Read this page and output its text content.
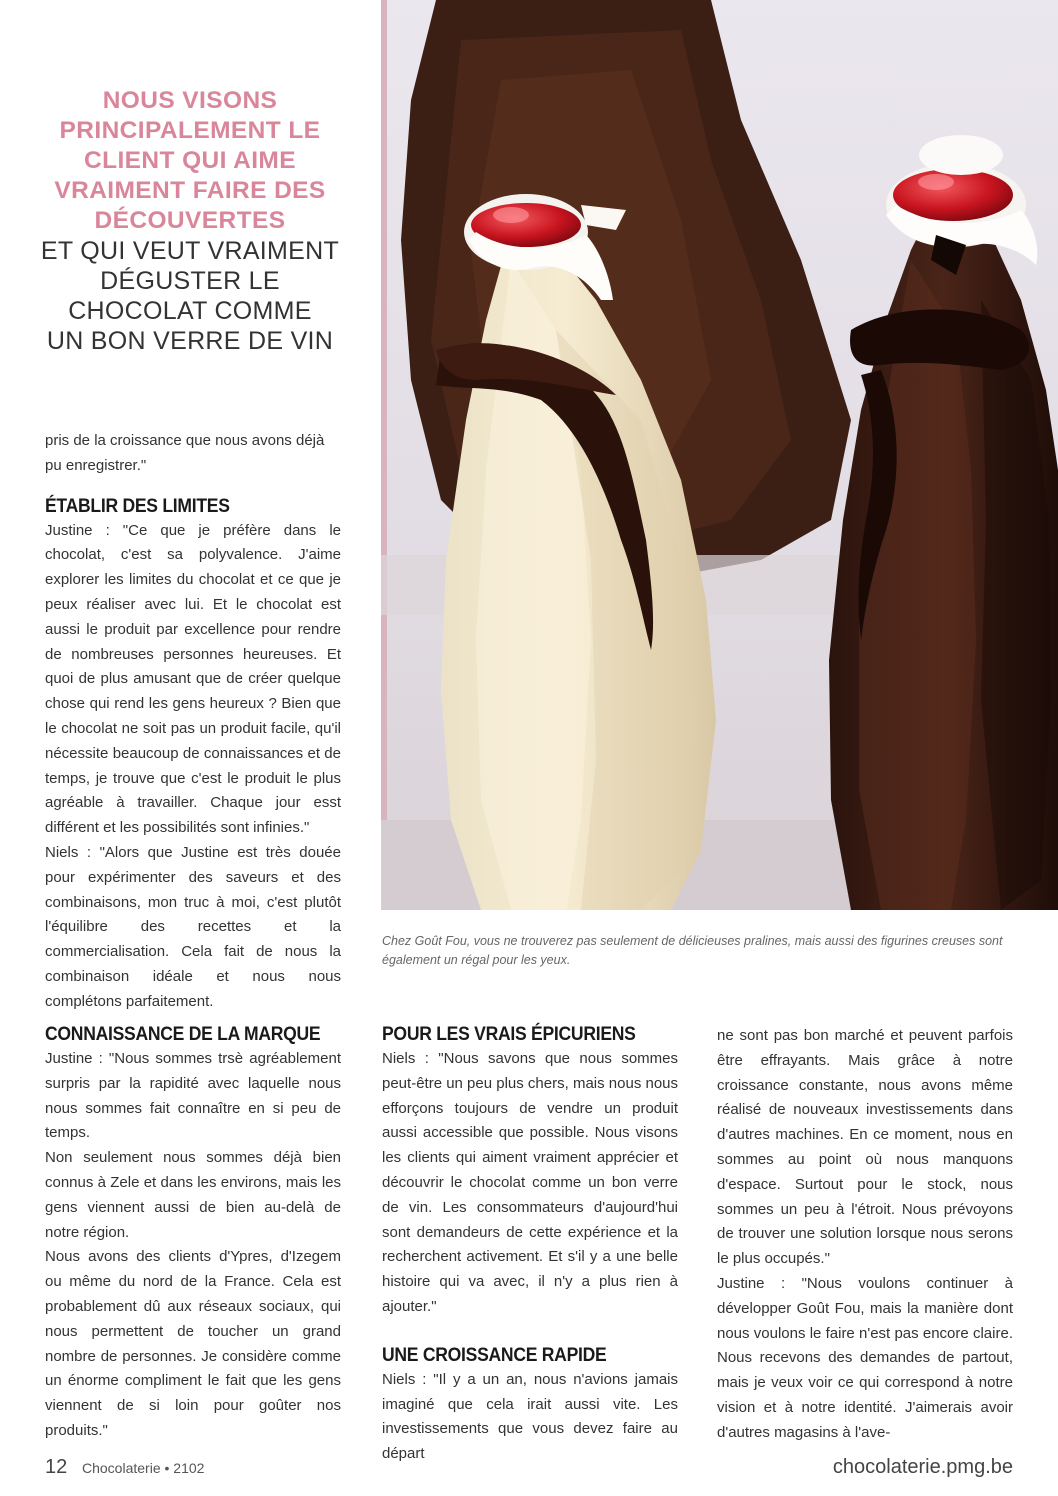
NOUS VISONS
PRINCIPALEMENT LE
CLIENT QUI AIME
VRAIMENT FAIRE DES
DÉCOUVERTES
ET QUI VEUT VRAIMENT
DÉGUSTER LE
CHOCOLAT COMME
UN BON VERRE DE VIN

pris de la croissance que nous avons déjà pu enregistrer."

ÉTABLIR DES LIMITES

Justine : "Ce que je préfère dans le chocolat, c'est sa polyvalence. J'aime explorer les limites du chocolat et ce que je peux réaliser avec lui. Et le chocolat est aussi le produit par excellence pour rendre de nombreuses personnes heureuses. Et quoi de plus amusant que de créer quelque chose qui rend les gens heureux ? Bien que le chocolat ne soit pas un produit facile, qu'il nécessite beaucoup de connaissances et de temps, je trouve que c'est le produit le plus agréable à travailler. Chaque jour esst différent et les possibilités sont infinies."

Niels : "Alors que Justine est très douée pour expérimenter des saveurs et des combinaisons, mon truc à moi, c'est plutôt l'équilibre des recettes et la commercialisation. Cela fait de nous la combinaison idéale et nous nous complétons parfaitement.

CONNAISSANCE DE LA MARQUE

Justine : "Nous sommes trsè agréablement surpris par la rapidité avec laquelle nous nous sommes fait connaître en si peu de temps.

Non seulement nous sommes déjà bien connus à Zele et dans les environs, mais les gens viennent aussi de bien au-delà de notre région.

Nous avons des clients d'Ypres, d'Izegem ou même du nord de la France. Cela est probablement dû aux réseaux sociaux, qui nous permettent de toucher un grand nombre de personnes. Je considère comme un énorme compliment le fait que les gens viennent de si loin pour goûter nos produits."

POUR LES VRAIS ÉPICURIENS

Niels : "Nous savons que nous sommes peut-être un peu plus chers, mais nous nous efforçons toujours de vendre un produit aussi accessible que possible. Nous visons les clients qui aiment vraiment apprécier et découvrir le chocolat comme un bon verre de vin. Les consommateurs d'aujourd'hui sont demandeurs de cette expérience et la recherchent activement. Et s'il y a une belle histoire qui va avec, il n'y a plus rien à ajouter."

UNE CROISSANCE RAPIDE

Niels : "Il y a un an, nous n'avions jamais imaginé que cela irait aussi vite. Les investissements que vous devez faire au départ

ne sont pas bon marché et peuvent parfois être effrayants. Mais grâce à notre croissance constante, nous avons même réalisé de nouveaux investissements dans d'autres machines. En ce moment, nous en sommes au point où nous manquons d'espace. Surtout pour le stock, nous sommes un peu à l'étroit. Nous prévoyons de trouver une solution lorsque nous serons le plus occupés."

Justine : "Nous voulons continuer à développer Goût Fou, mais la manière dont nous voulons le faire n'est pas encore claire. Nous recevons des demandes de partout, mais je veux voir ce qui correspond à notre vision et à notre identité. J'aimerais avoir d'autres magasins à l'ave-

Chez Goût Fou, vous ne trouverez pas seulement de délicieuses pralines, mais aussi des figurines creuses sont également un régal pour les yeux.
12 Chocolaterie • 2102	chocolaterie.pmg.be
